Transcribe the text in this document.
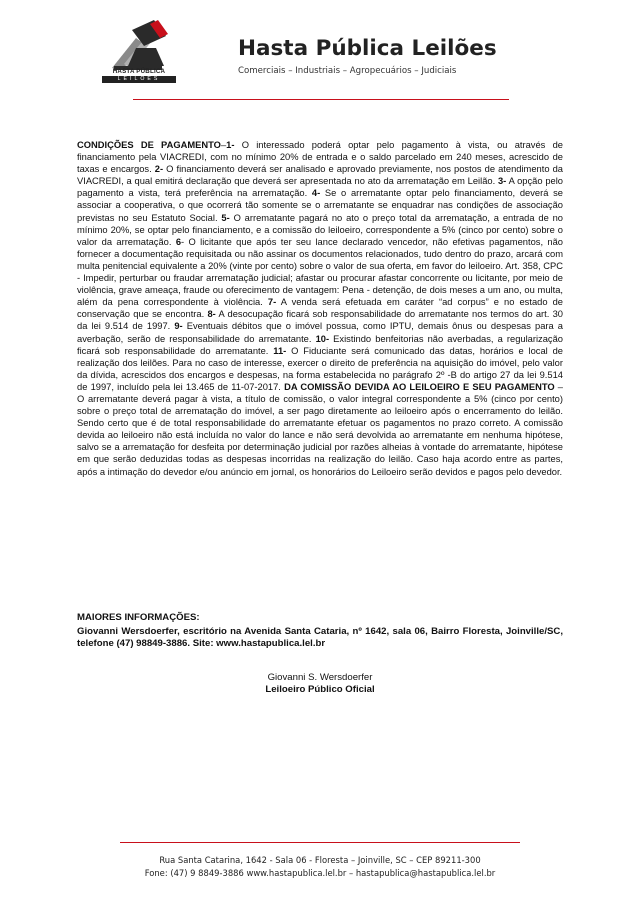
HASTA PÚBLICA
LEILÕES
Hasta Pública Leilões
Comerciais – Industriais – Agropecuários – Judiciais
CONDIÇÕES DE PAGAMENTO–1- O interessado poderá optar pelo pagamento à vista, ou através de financiamento pela VIACREDI, com no mínimo 20% de entrada e o saldo parcelado em 240 meses, acrescido de taxas e encargos. 2- O financiamento deverá ser analisado e aprovado previamente, nos postos de atendimento da VIACREDI, a qual emitirá declaração que deverá ser apresentada no ato da arrematação em Leilão. 3- A opção pelo pagamento a vista, terá preferência na arrematação. 4- Se o arrematante optar pelo financiamento, deverá se associar a cooperativa, o que ocorrerá tão somente se o arrematante se enquadrar nas condições de associação previstas no seu Estatuto Social. 5- O arrematante pagará no ato o preço total da arrematação, a entrada de no mínimo 20%, se optar pelo financiamento, e a comissão do leiloeiro, correspondente a 5% (cinco por cento) sobre o valor da arrematação. 6- O licitante que após ter seu lance declarado vencedor, não efetivas pagamentos, não fornecer a documentação requisitada ou não assinar os documentos relacionados, tudo dentro do prazo, arcará com multa penitencial equivalente a 20% (vinte por cento) sobre o valor de sua oferta, em favor do leiloeiro. Art. 358, CPC - Impedir, perturbar ou fraudar arrematação judicial; afastar ou procurar afastar concorrente ou licitante, por meio de violência, grave ameaça, fraude ou oferecimento de vantagem: Pena - detenção, de dois meses a um ano, ou multa, além da pena correspondente à violência. 7- A venda será efetuada em caráter “ad corpus” e no estado de conservação que se encontra. 8- A desocupação ficará sob responsabilidade do arrematante nos termos do art. 30 da lei 9.514 de 1997. 9- Eventuais débitos que o imóvel possua, como IPTU, demais ônus ou despesas para a averbação, serão de responsabilidade do arrematante. 10- Existindo benfeitorias não averbadas, a regularização ficará sob responsabilidade do arrematante. 11- O Fiduciante será comunicado das datas, horários e local de realização dos leilões. Para no caso de interesse, exercer o direito de preferência na aquisição do imóvel, pelo valor da dívida, acrescidos dos encargos e despesas, na forma estabelecida no parágrafo 2º -B do artigo 27 da lei 9.514 de 1997, incluído pela lei 13.465 de 11-07-2017. DA COMISSÃO DEVIDA AO LEILOEIRO E SEU PAGAMENTO – O arrematante deverá pagar à vista, a título de comissão, o valor integral correspondente a 5% (cinco por cento) sobre o preço total de arrematação do imóvel, a ser pago diretamente ao leiloeiro após o encerramento do leilão. Sendo certo que é de total responsabilidade do arrematante efetuar os pagamentos no prazo correto. A comissão devida ao leiloeiro não está incluída no valor do lance e não será devolvida ao arrematante em nenhuma hipótese, salvo se a arrematação for desfeita por determinação judicial por razões alheias à vontade do arrematante, hipótese em que serão deduzidas todas as despesas incorridas na realização do leilão. Caso haja acordo entre as partes, após a intimação do devedor e/ou anúncio em jornal, os honorários do Leiloeiro serão devidos e pagos pelo devedor.
MAIORES INFORMAÇÕES:
Giovanni Wersdoerfer, escritório na Avenida Santa Cataria, nº 1642, sala 06, Bairro Floresta, Joinville/SC, telefone (47) 98849-3886. Site: www.hastapublica.lel.br
Giovanni S. Wersdoerfer
Leiloeiro Público Oficial
Rua Santa Catarina, 1642 - Sala 06 - Floresta – Joinville, SC – CEP 89211-300
Fone: (47) 9 8849-3886 www.hastapublica.lel.br – hastapublica@hastapublica.lel.br
